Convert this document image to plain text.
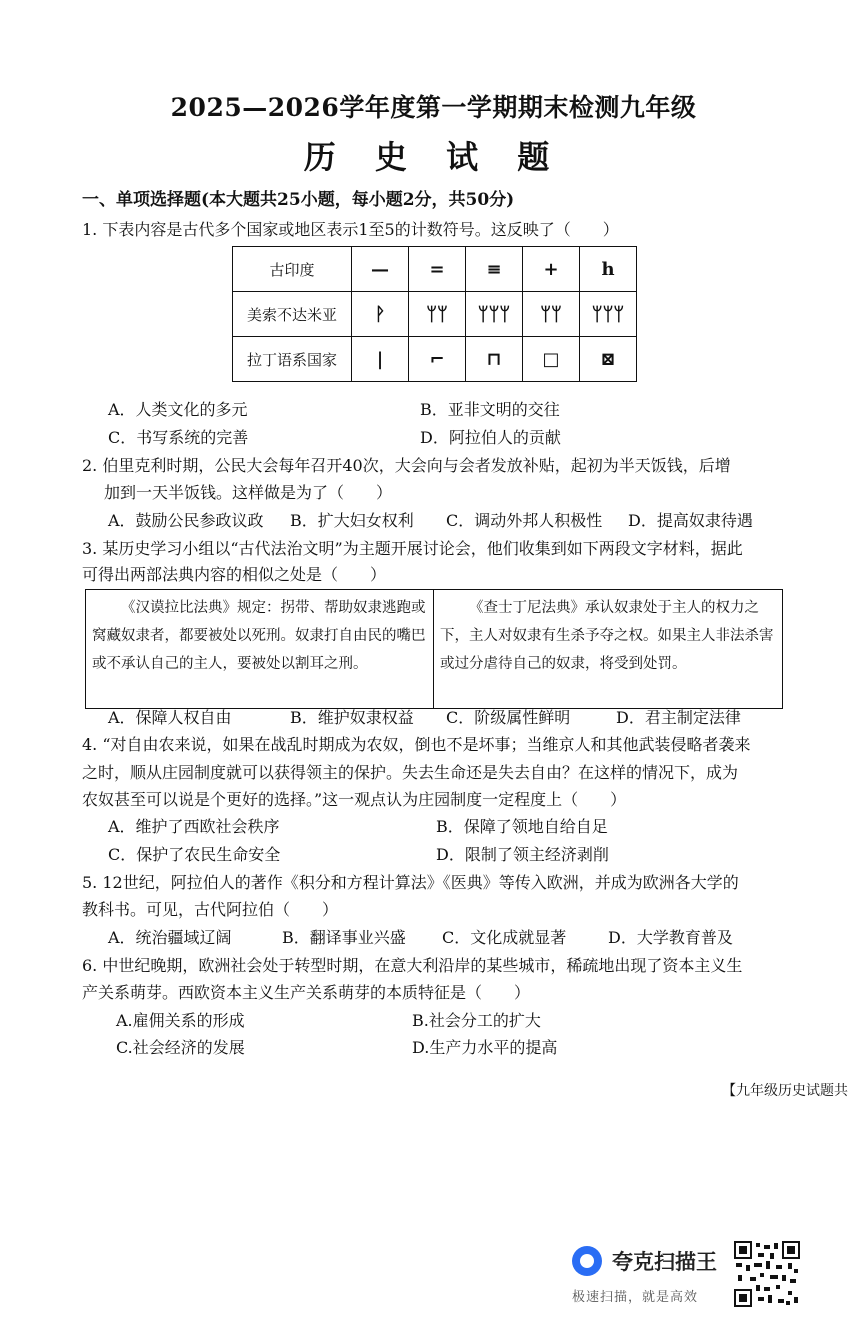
2025—2026学年度第一学期期末检测九年级
历 史 试 题
一、单项选择题(本大题共25小题，每小题2分，共50分)
1. 下表内容是古代多个国家或地区表示1至5的计数符号。这反映了（　　）
古印度	—	=	≡	+	h
美索不达米亚	ᚹ	ᛘᛘ	ᛘᛘᛘ	ᛘᛘ	ᛘᛘᛘ
拉丁语系国家	|	⌐	⊓	□	⊠
A．人类文化的多元	B．亚非文明的交往
C．书写系统的完善	D．阿拉伯人的贡献
2. 伯里克利时期，公民大会每年召开40次，大会向与会者发放补贴，起初为半天饭钱，后增
加到一天半饭钱。这样做是为了（　　）
A．鼓励公民参政议政 B．扩大妇女权利 C．调动外邦人积极性 D．提高奴隶待遇
3. 某历史学习小组以“古代法治文明”为主题开展讨论会，他们收集到如下两段文字材料，据此
可得出两部法典内容的相似之处是（　　）
《汉谟拉比法典》规定：拐带、帮助奴隶逃跑或窝藏奴隶者，都要被处以死刑。奴隶打自由民的嘴巴或不承认自己的主人，要被处以割耳之刑。
《查士丁尼法典》承认奴隶处于主人的权力之下，主人对奴隶有生杀予夺之权。如果主人非法杀害或过分虐待自己的奴隶，将受到处罚。
A．保障人权自由	B．维护奴隶权益 C．阶级属性鲜明	D．君主制定法律
4. “对自由农来说，如果在战乱时期成为农奴，倒也不是坏事；当维京人和其他武装侵略者袭来
之时，顺从庄园制度就可以获得领主的保护。失去生命还是失去自由？在这样的情况下，成为
农奴甚至可以说是个更好的选择。”这一观点认为庄园制度一定程度上（　　）
A．维护了西欧社会秩序	B．保障了领地自给自足
C．保护了农民生命安全	D．限制了领主经济剥削
5. 12世纪，阿拉伯人的著作《积分和方程计算法》《医典》等传入欧洲，并成为欧洲各大学的
教科书。可见，古代阿拉伯（　　）
A．统治疆域辽阔	B．翻译事业兴盛 C．文化成就显著	D．大学教育普及
6. 中世纪晚期，欧洲社会处于转型时期，在意大利沿岸的某些城市，稀疏地出现了资本主义生
产关系萌芽。西欧资本主义生产关系萌芽的本质特征是（　　）
A.雇佣关系的形成	B.社会分工的扩大
C.社会经济的发展	D.生产力水平的提高
【九年级历史试题共
夸克扫描王
极速扫描，就是高效
